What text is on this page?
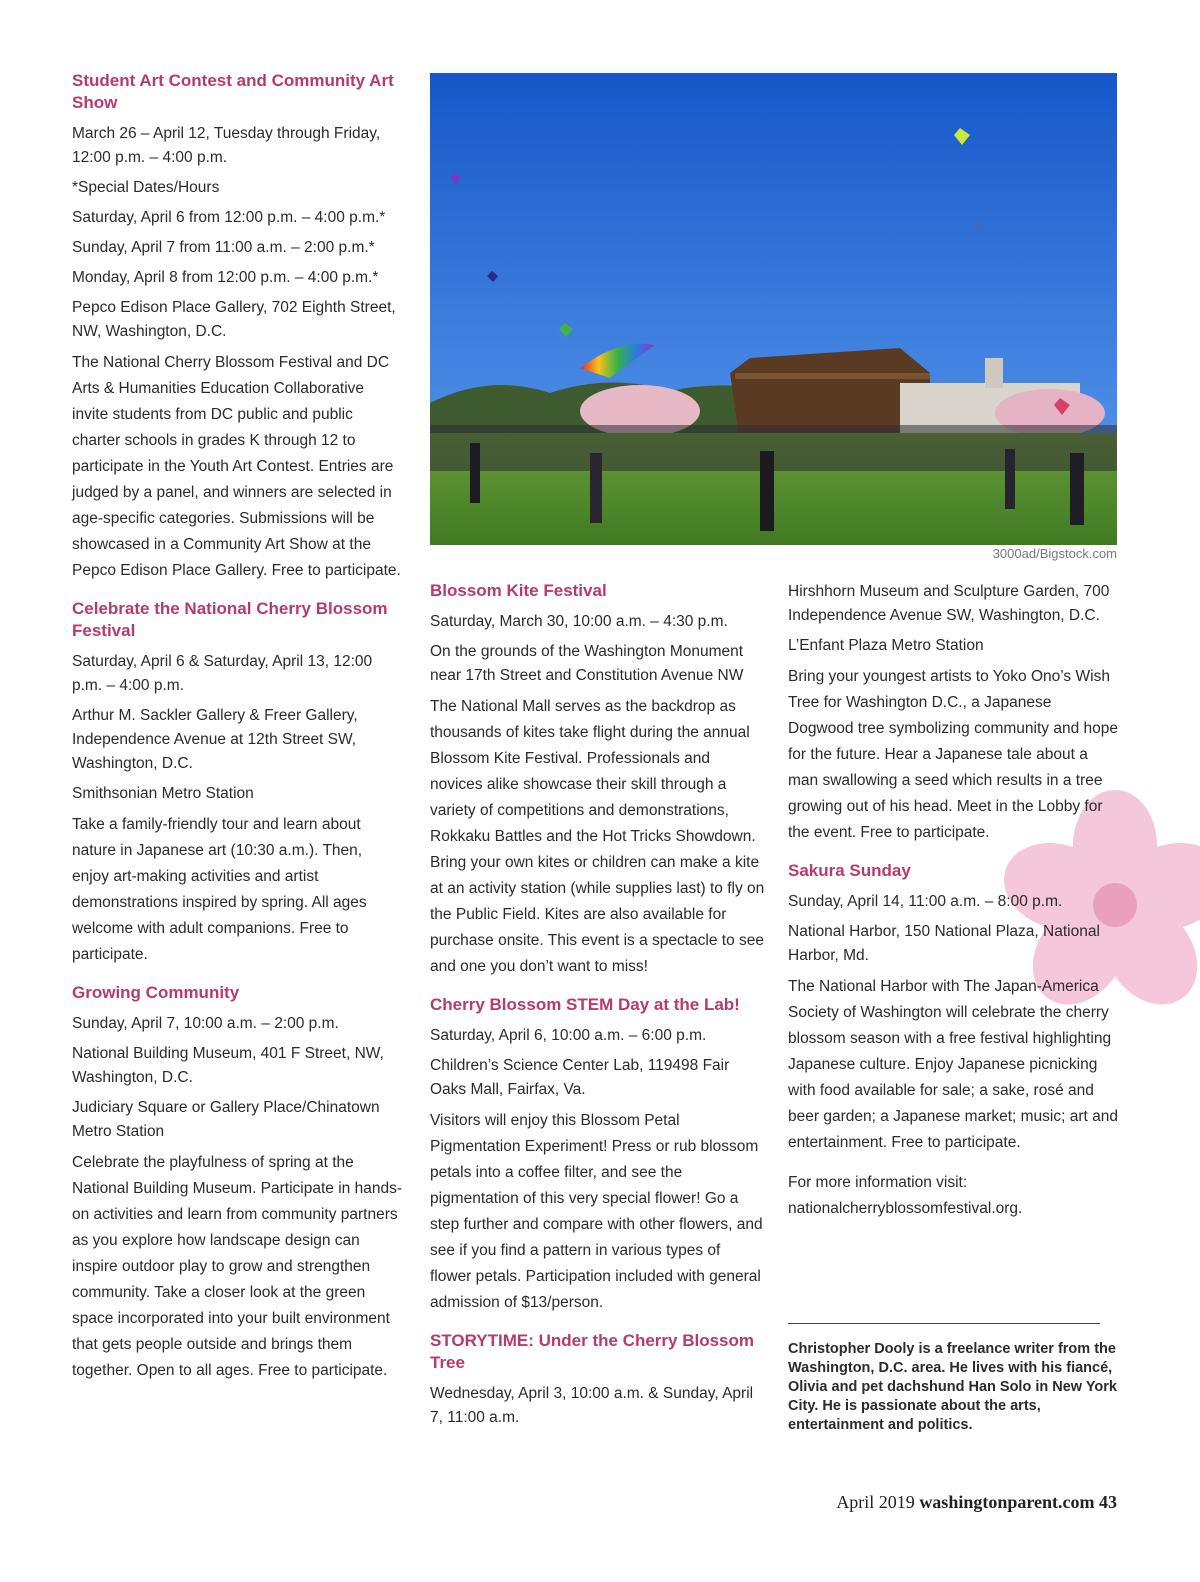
Student Art Contest and Community Art Show

March 26 – April 12, Tuesday through Friday, 12:00 p.m. – 4:00 p.m.

*Special Dates/Hours

Saturday, April 6 from 12:00 p.m. – 4:00 p.m.*

Sunday, April 7 from 11:00 a.m. – 2:00 p.m.*

Monday, April 8 from 12:00 p.m. – 4:00 p.m.*

Pepco Edison Place Gallery, 702 Eighth Street, NW, Washington, D.C.

The National Cherry Blossom Festival and DC Arts & Humanities Education Collaborative invite students from DC public and public charter schools in grades K through 12 to participate in the Youth Art Contest. Entries are judged by a panel, and winners are selected in age-specific categories. Submissions will be showcased in a Community Art Show at the Pepco Edison Place Gallery. Free to participate.

Celebrate the National Cherry Blossom Festival

Saturday, April 6 & Saturday, April 13, 12:00 p.m. – 4:00 p.m.

Arthur M. Sackler Gallery & Freer Gallery, Independence Avenue at 12th Street SW, Washington, D.C.

Smithsonian Metro Station

Take a family-friendly tour and learn about nature in Japanese art (10:30 a.m.). Then, enjoy art-making activities and artist demonstrations inspired by spring. All ages welcome with adult companions. Free to participate.

Growing Community

Sunday, April 7, 10:00 a.m. – 2:00 p.m.

National Building Museum, 401 F Street, NW, Washington, D.C.

Judiciary Square or Gallery Place/Chinatown Metro Station

Celebrate the playfulness of spring at the National Building Museum. Participate in hands-on activities and learn from community partners as you explore how landscape design can inspire outdoor play to grow and strengthen community. Take a closer look at the green space incorporated into your built environment that gets people outside and brings them together. Open to all ages. Free to participate.

3000ad/Bigstock.com
Blossom Kite Festival

Saturday, March 30, 10:00 a.m. – 4:30 p.m.

On the grounds of the Washington Monument near 17th Street and Constitution Avenue NW

The National Mall serves as the backdrop as thousands of kites take flight during the annual Blossom Kite Festival. Professionals and novices alike showcase their skill through a variety of competitions and demonstrations, Rokkaku Battles and the Hot Tricks Showdown. Bring your own kites or children can make a kite at an activity station (while supplies last) to fly on the Public Field. Kites are also available for purchase onsite. This event is a spectacle to see and one you don’t want to miss!

Cherry Blossom STEM Day at the Lab!

Saturday, April 6, 10:00 a.m. – 6:00 p.m.

Children’s Science Center Lab, 119498 Fair Oaks Mall, Fairfax, Va.

Visitors will enjoy this Blossom Petal Pigmentation Experiment! Press or rub blossom petals into a coffee filter, and see the pigmentation of this very special flower! Go a step further and compare with other flowers, and see if you find a pattern in various types of flower petals. Participation included with general admission of $13/person.

STORYTIME: Under the Cherry Blossom Tree

Wednesday, April 3, 10:00 a.m. & Sunday, April 7, 11:00 a.m.

Hirshhorn Museum and Sculpture Garden, 700 Independence Avenue SW, Washington, D.C.

L’Enfant Plaza Metro Station

Bring your youngest artists to Yoko Ono’s Wish Tree for Washington D.C., a Japanese Dogwood tree symbolizing community and hope for the future. Hear a Japanese tale about a man swallowing a seed which results in a tree growing out of his head. Meet in the Lobby for the event. Free to participate.

Sakura Sunday

Sunday, April 14, 11:00 a.m. – 8:00 p.m.

National Harbor, 150 National Plaza, National Harbor, Md.

The National Harbor with The Japan-America Society of Washington will celebrate the cherry blossom season with a free festival highlighting Japanese culture. Enjoy Japanese picnicking with food available for sale; a sake, rosé and beer garden; a Japanese market; music; art and entertainment. Free to participate.

For more information visit: nationalcherryblossomfestival.org.

Christopher Dooly is a freelance writer from the Washington, D.C. area. He lives with his fiancé, Olivia and pet dachshund Han Solo in New York City. He is passionate about the arts, entertainment and politics.
April 2019 washingtonparent.com 43
